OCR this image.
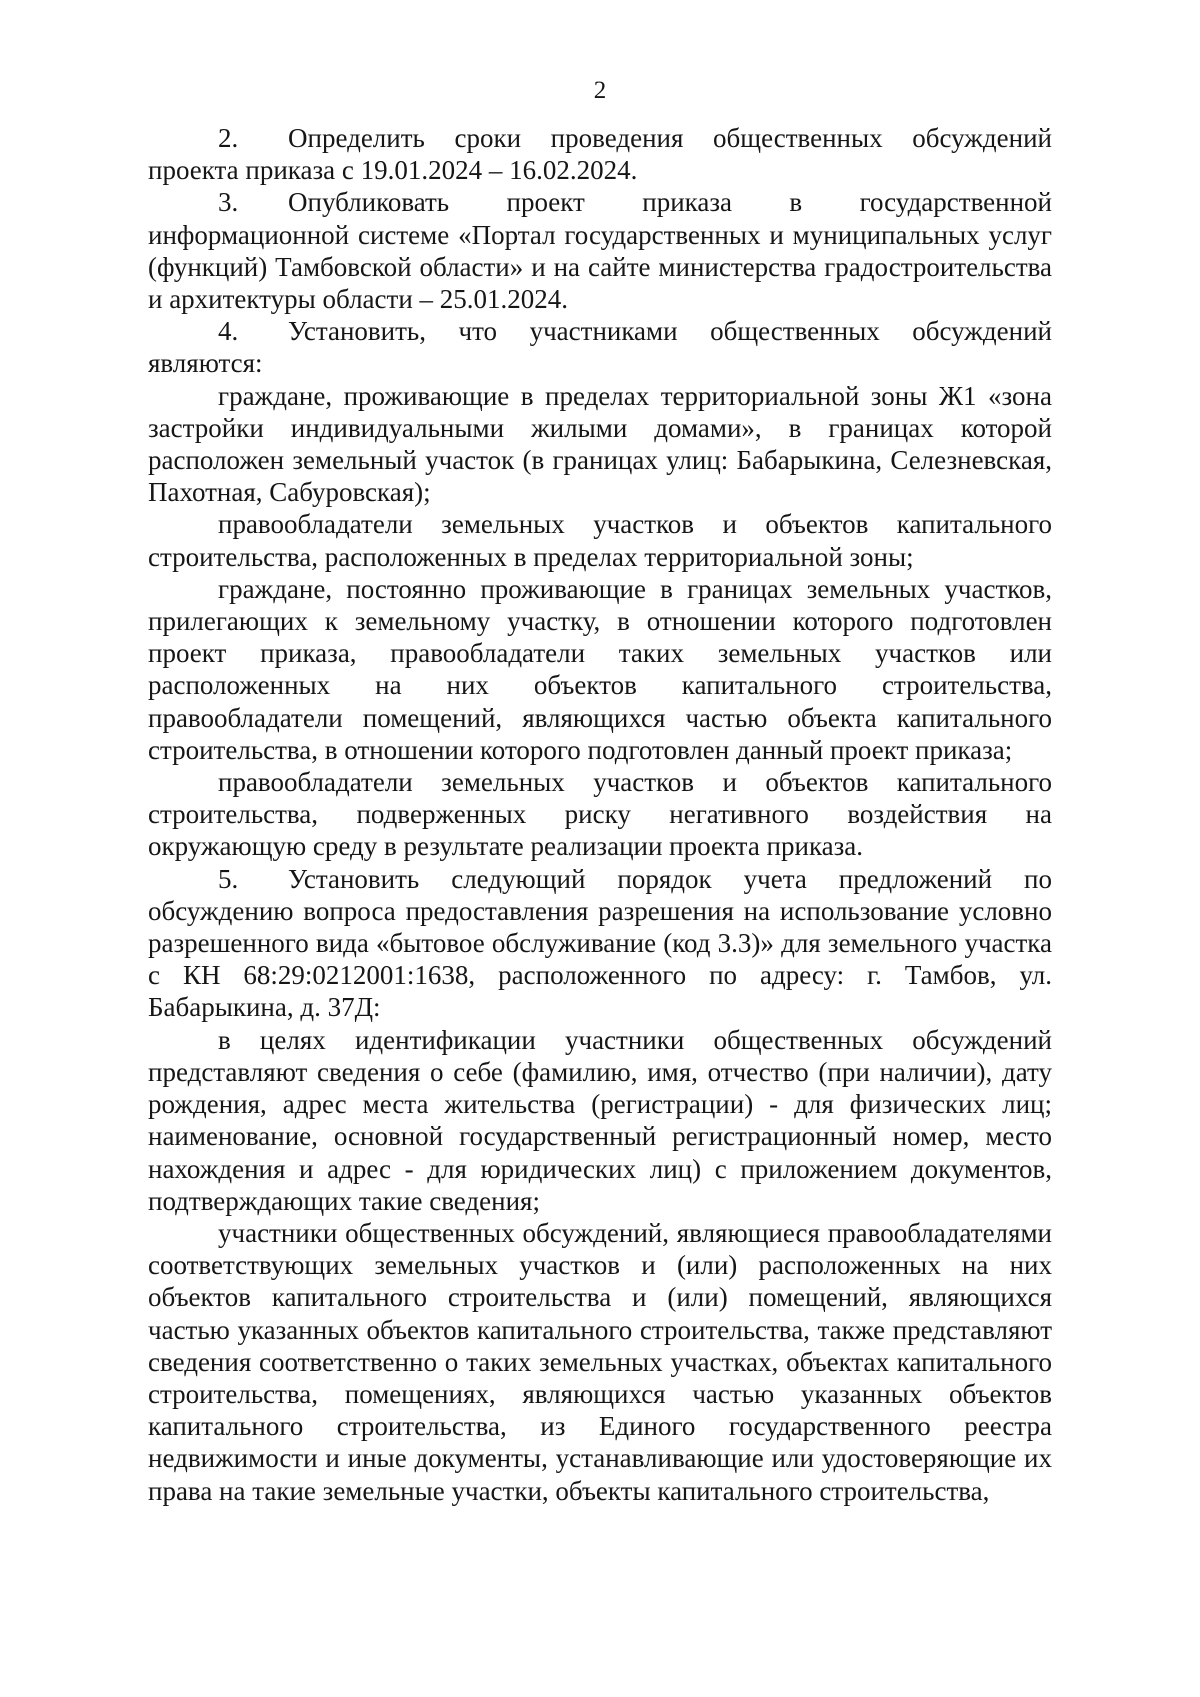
2

2. Определить сроки проведения общественных обсуждений проекта приказа с 19.01.2024 – 16.02.2024.

3. Опубликовать проект приказа в государственной информационной системе «Портал государственных и муниципальных услуг (функций) Тамбовской области» и на сайте министерства градостроительства и архитектуры области – 25.01.2024.

4. Установить, что участниками общественных обсуждений являются:

граждане, проживающие в пределах территориальной зоны Ж1 «зона застройки индивидуальными жилыми домами», в границах которой расположен земельный участок (в границах улиц: Бабарыкина, Селезневская, Пахотная, Сабуровская);

правообладатели земельных участков и объектов капитального строительства, расположенных в пределах территориальной зоны;

граждане, постоянно проживающие в границах земельных участков, прилегающих к земельному участку, в отношении которого подготовлен проект приказа, правообладатели таких земельных участков или расположенных на них объектов капитального строительства, правообладатели помещений, являющихся частью объекта капитального строительства, в отношении которого подготовлен данный проект приказа;

правообладатели земельных участков и объектов капитального строительства, подверженных риску негативного воздействия на окружающую среду в результате реализации проекта приказа.

5. Установить следующий порядок учета предложений по обсуждению вопроса предоставления разрешения на использование условно разрешенного вида «бытовое обслуживание (код 3.3)» для земельного участка с КН 68:29:0212001:1638, расположенного по адресу: г. Тамбов, ул. Бабарыкина, д. 37Д:

в целях идентификации участники общественных обсуждений представляют сведения о себе (фамилию, имя, отчество (при наличии), дату рождения, адрес места жительства (регистрации) - для физических лиц; наименование, основной государственный регистрационный номер, место нахождения и адрес - для юридических лиц) с приложением документов, подтверждающих такие сведения;

участники общественных обсуждений, являющиеся правообладателями соответствующих земельных участков и (или) расположенных на них объектов капитального строительства и (или) помещений, являющихся частью указанных объектов капитального строительства, также представляют сведения соответственно о таких земельных участках, объектах капитального строительства, помещениях, являющихся частью указанных объектов капитального строительства, из Единого государственного реестра недвижимости и иные документы, устанавливающие или удостоверяющие их права на такие земельные участки, объекты капитального строительства,
